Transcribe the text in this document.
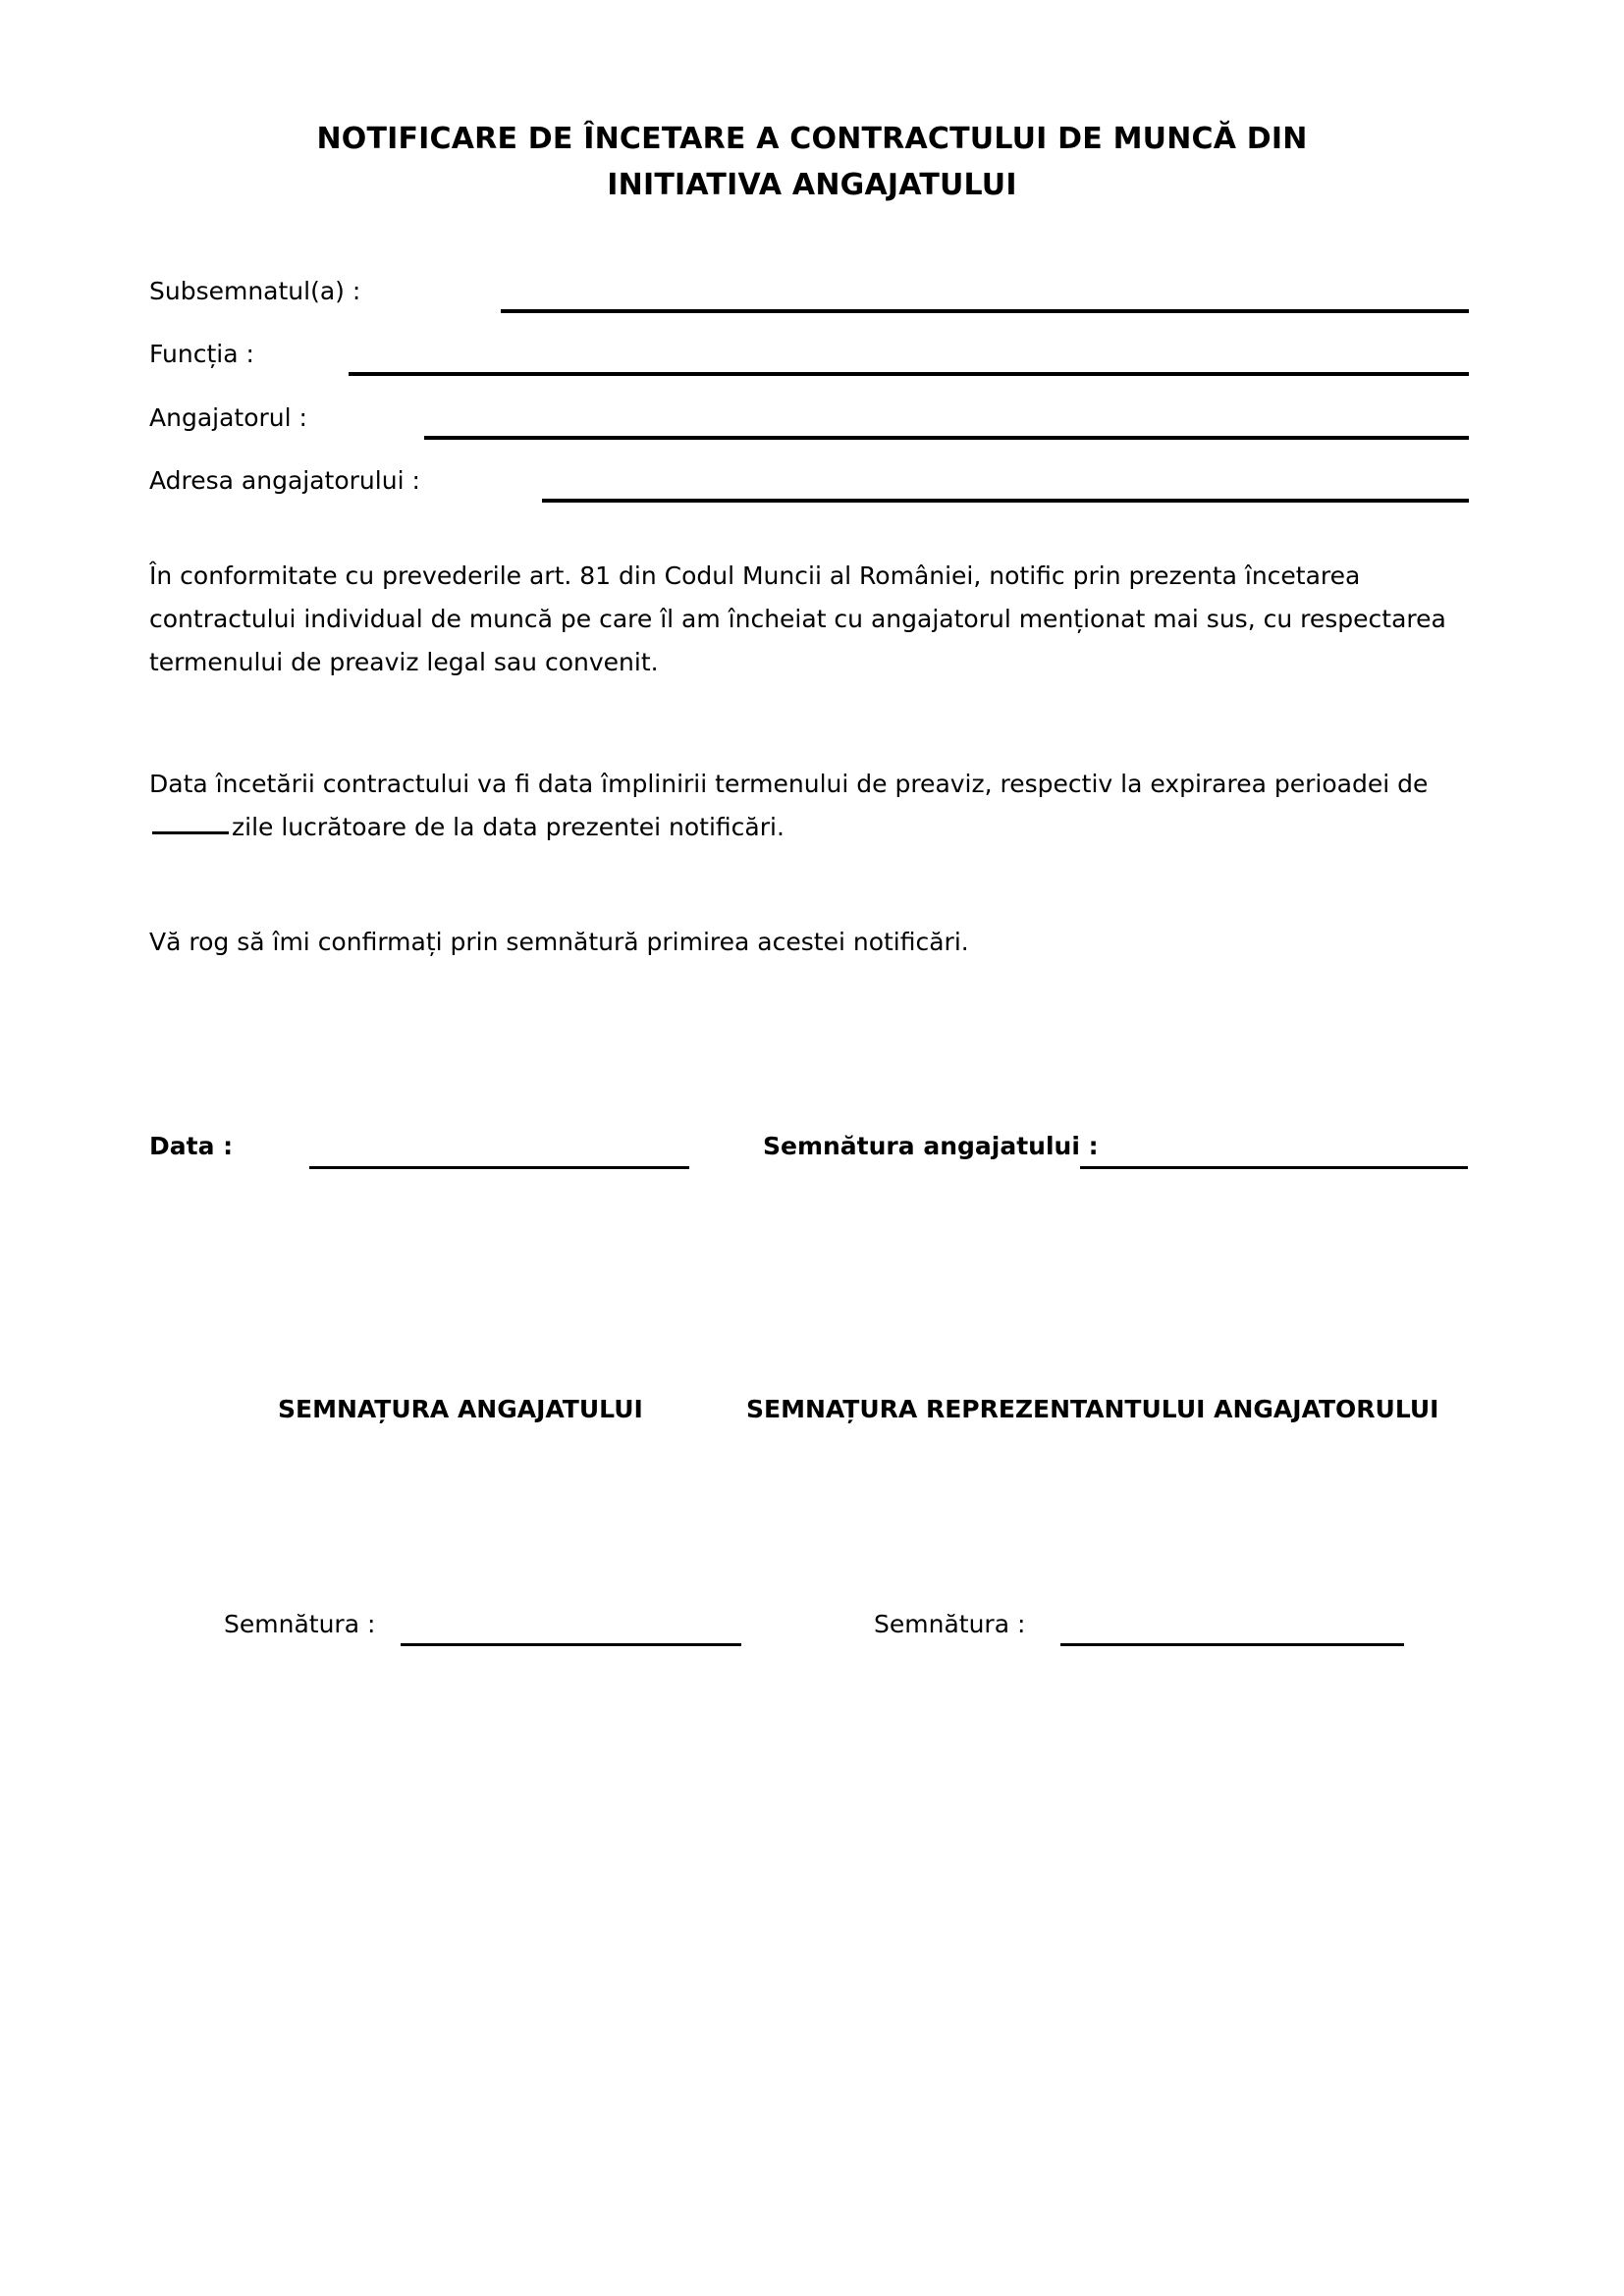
NOTIFICARE DE ÎNCETARE A CONTRACTULUI DE MUNCĂ DIN
INITIATIVA ANGAJATULUI
Subsemnatul(a) :
Funcția :
Angajatorul :
Adresa angajatorului :
În conformitate cu prevederile art. 81 din Codul Muncii al României, notific prin prezenta încetarea contractului individual de muncă pe care îl am încheiat cu angajatorul menționat mai sus, cu respectarea termenului de preaviz legal sau convenit.
Data încetării contractului va fi data împlinirii termenului de preaviz, respectiv la expirarea perioadei dezile lucrătoare de la data prezentei notificări.
Vă rog să îmi confirmați prin semnătură primirea acestei notificări.
Data :	Semnătura angajatului :
SEMNAȚURA ANGAJATULUI	SEMNAȚURA REPREZENTANTULUI ANGAJATORULUI
Semnătura :	Semnătura :
